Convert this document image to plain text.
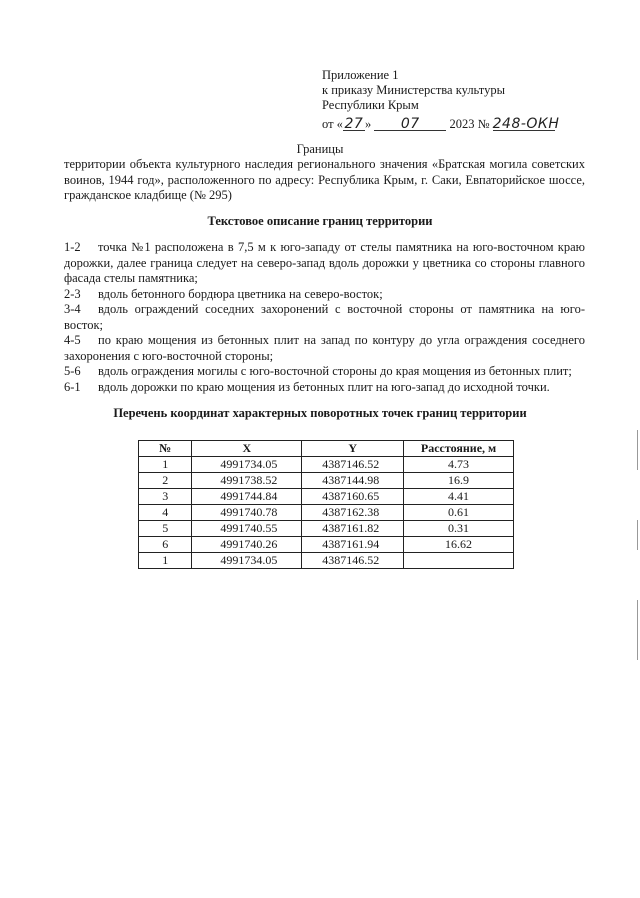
Приложение 1
к приказу Министерства культуры
Республики Крым
от « 27 » 07 2023 № 248-ОКН
Границы
территории объекта культурного наследия регионального значения «Братская могила советских воинов, 1944 год», расположенного по адресу: Республика Крым, г. Саки, Евпаторийское шоссе, гражданское кладбище (№ 295)
Текстовое описание границ территории
1-2 точка №1 расположена в 7,5 м к юго-западу от стелы памятника на юго-восточном краю дорожки, далее граница следует на северо-запад вдоль дорожки у цветника со стороны главного фасада стелы памятника;
2-3 вдоль бетонного бордюра цветника на северо-восток;
3-4 вдоль ограждений соседних захоронений с восточной стороны от памятника на юго-восток;
4-5 по краю мощения из бетонных плит на запад по контуру до угла ограждения соседнего захоронения с юго-восточной стороны;
5-6 вдоль ограждения могилы с юго-восточной стороны до края мощения из бетонных плит;
6-1 вдоль дорожки по краю мощения из бетонных плит на юго-запад до исходной точки.
Перечень координат характерных поворотных точек границ территории
№	X	Y	Расстояние, м
1	4991734.05	4387146.52	4.73
2	4991738.52	4387144.98	16.9
3	4991744.84	4387160.65	4.41
4	4991740.78	4387162.38	0.61
5	4991740.55	4387161.82	0.31
6	4991740.26	4387161.94	16.62
1	4991734.05	4387146.52	
